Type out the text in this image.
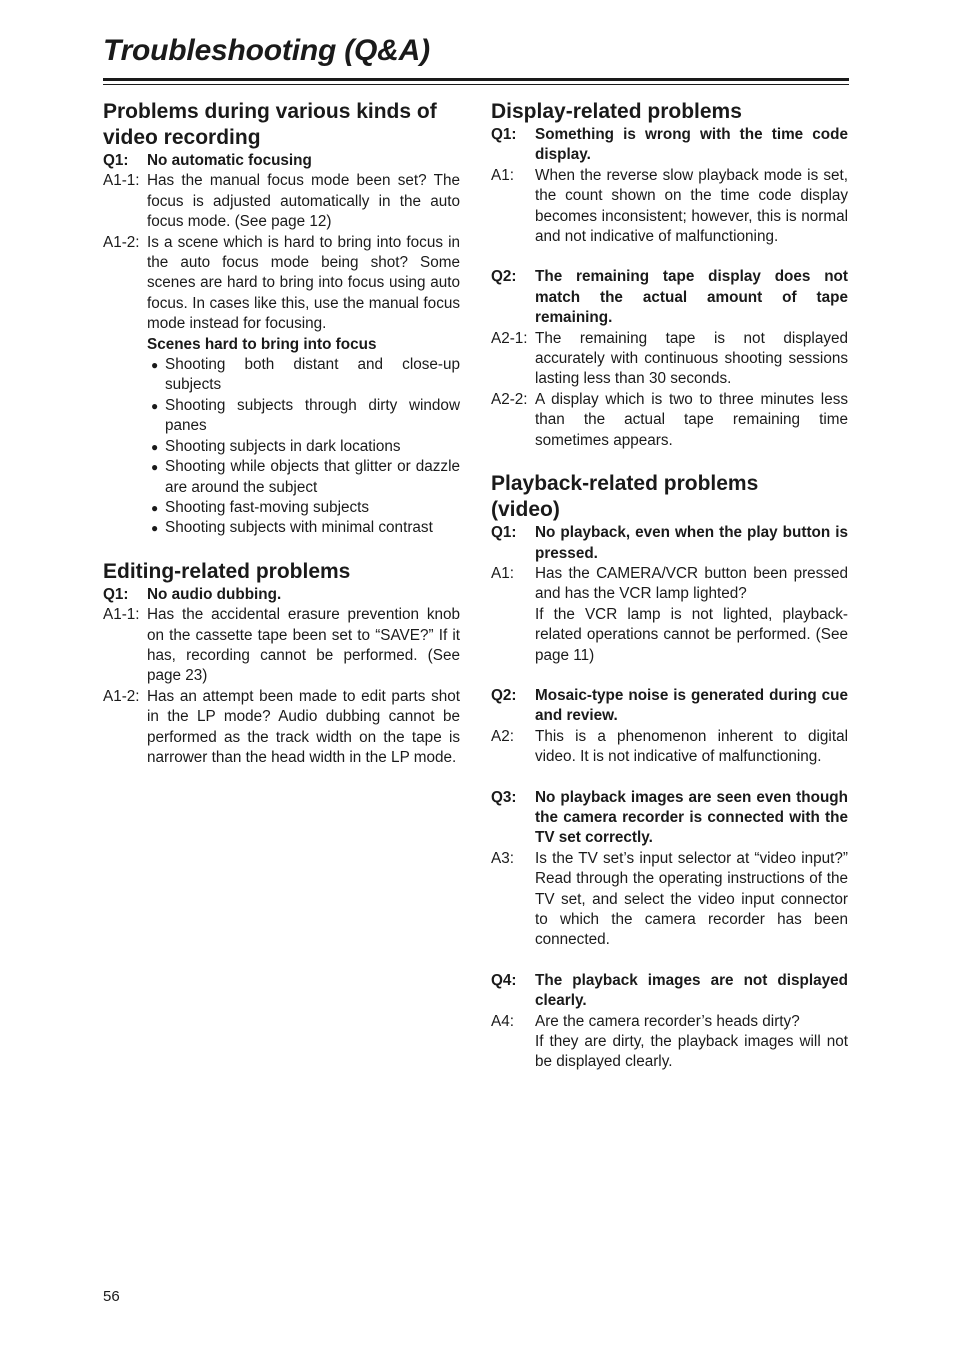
Troubleshooting (Q&A)
Problems during various kinds of
video recording
Q1:	No automatic focusing
A1-1: Has the manual focus mode been set? The focus is adjusted automatically in the auto focus mode. (See page 12)
A1-2: Is a scene which is hard to bring into focus in the auto focus mode being shot? Some scenes are hard to bring into focus using auto focus. In cases like this, use the manual focus mode instead for focusing.
Scenes hard to bring into focus
● Shooting both distant and close-up subjects
● Shooting subjects through dirty window panes
● Shooting subjects in dark locations
● Shooting while objects that glitter or dazzle are around the subject
● Shooting fast-moving subjects
● Shooting subjects with minimal contrast
Editing-related problems
Q1:	No audio dubbing.
A1-1: Has the accidental erasure prevention knob on the cassette tape been set to “SAVE?” If it has, recording cannot be performed. (See page 23)
A1-2: Has an attempt been made to edit parts shot in the LP mode? Audio dubbing cannot be performed as the track width on the tape is narrower than the head width in the LP mode.
Display-related problems
Q1:	Something is wrong with the time code display.
A1:	When the reverse slow playback mode is set, the count shown on the time code display becomes inconsistent; however, this is normal and not indicative of malfunctioning.
Q2:	The remaining tape display does not match the actual amount of tape remaining.
A2-1: The remaining tape is not displayed accurately with continuous shooting sessions lasting less than 30 seconds.
A2-2: A display which is two to three minutes less than the actual tape remaining time sometimes appears.
Playback-related problems
(video)
Q1:	No playback, even when the play button is pressed.
A1:	Has the CAMERA/VCR button been pressed and has the VCR lamp lighted?
If the VCR lamp is not lighted, playback-related operations cannot be performed. (See page 11)
Q2:	Mosaic-type noise is generated during cue and review.
A2:	This is a phenomenon inherent to digital video. It is not indicative of malfunctioning.
Q3:	No playback images are seen even though the camera recorder is connected with the TV set correctly.
A3:	Is the TV set’s input selector at “video input?” Read through the operating instructions of the TV set, and select the video input connector to which the camera recorder has been connected.
Q4:	The playback images are not displayed clearly.
A4:	Are the camera recorder’s heads dirty?
If they are dirty, the playback images will not be displayed clearly.
56
